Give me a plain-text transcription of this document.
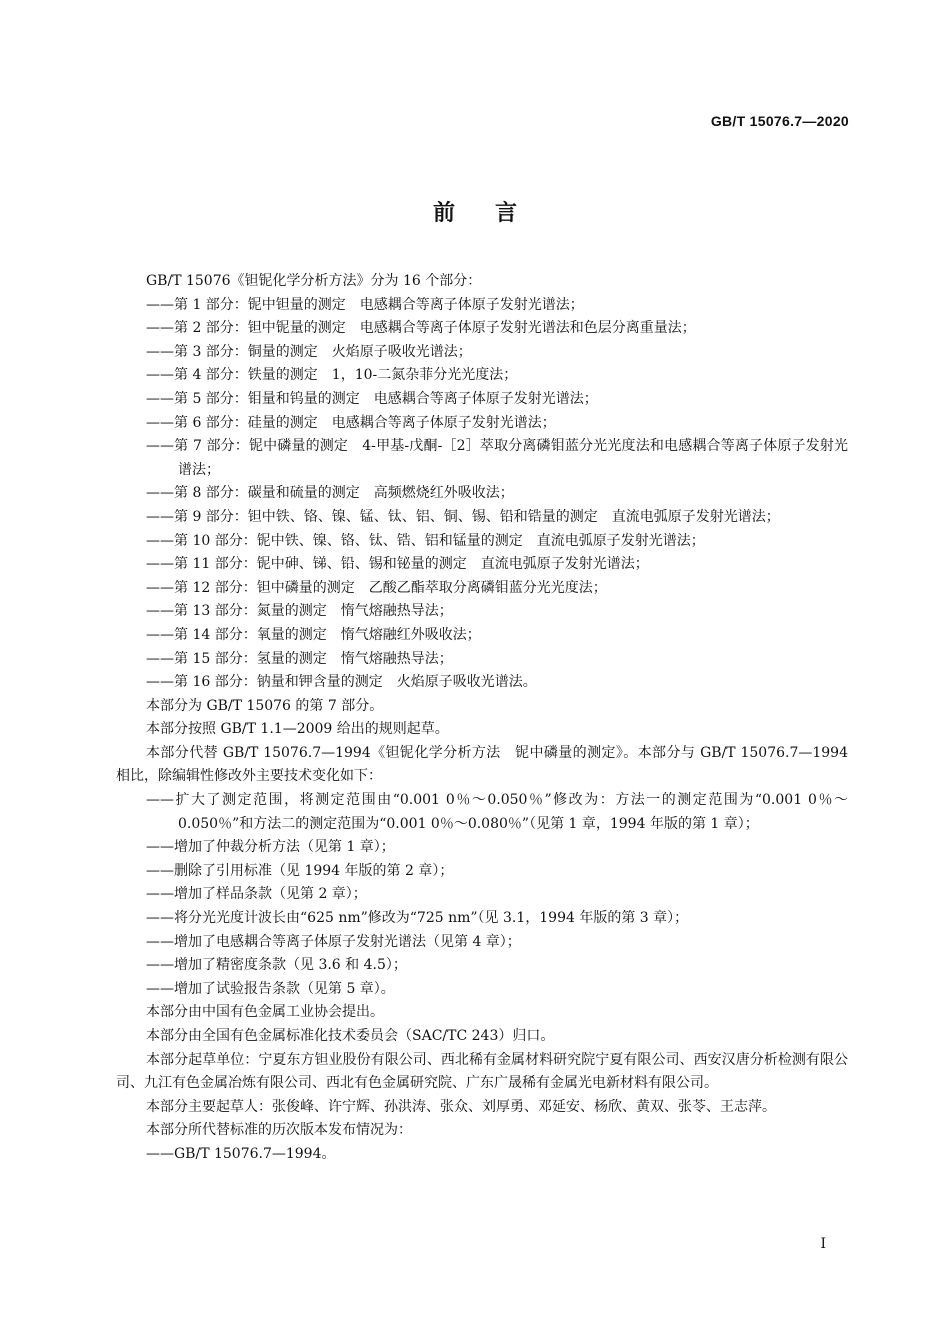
GB/T 15076.7—2020
前言

GB/T 15076《钽铌化学分析方法》分为 16 个部分：

——第 1 部分：铌中钽量的测定　电感耦合等离子体原子发射光谱法；

——第 2 部分：钽中铌量的测定　电感耦合等离子体原子发射光谱法和色层分离重量法；

——第 3 部分：铜量的测定　火焰原子吸收光谱法；

——第 4 部分：铁量的测定　1，10-二氮杂菲分光光度法；

——第 5 部分：钼量和钨量的测定　电感耦合等离子体原子发射光谱法；

——第 6 部分：硅量的测定　电感耦合等离子体原子发射光谱法；

——第 7 部分：铌中磷量的测定　4-甲基-戊酮-［2］萃取分离磷钼蓝分光光度法和电感耦合等离子体原子发射光谱法；

——第 8 部分：碳量和硫量的测定　高频燃烧红外吸收法；

——第 9 部分：钽中铁、铬、镍、锰、钛、铝、铜、锡、铅和锆量的测定　直流电弧原子发射光谱法；

——第 10 部分：铌中铁、镍、铬、钛、锆、铝和锰量的测定　直流电弧原子发射光谱法；

——第 11 部分：铌中砷、锑、铅、锡和铋量的测定　直流电弧原子发射光谱法；

——第 12 部分：钽中磷量的测定　乙酸乙酯萃取分离磷钼蓝分光光度法；

——第 13 部分：氮量的测定　惰气熔融热导法；

——第 14 部分：氧量的测定　惰气熔融红外吸收法；

——第 15 部分：氢量的测定　惰气熔融热导法；

——第 16 部分：钠量和钾含量的测定　火焰原子吸收光谱法。

本部分为 GB/T 15076 的第 7 部分。

本部分按照 GB/T 1.1—2009 给出的规则起草。

本部分代替 GB/T 15076.7—1994《钽铌化学分析方法　铌中磷量的测定》。本部分与 GB/T 15076.7—1994 相比，除编辑性修改外主要技术变化如下：

——扩大了测定范围，将测定范围由“0.001 0％～0.050％”修改为：方法一的测定范围为“0.001 0％～0.050％”和方法二的测定范围为“0.001 0％～0.080％”（见第 1 章，1994 年版的第 1 章）；

——增加了仲裁分析方法（见第 1 章）；

——删除了引用标准（见 1994 年版的第 2 章）；

——增加了样品条款（见第 2 章）；

——将分光光度计波长由“625 nm”修改为“725 nm”（见 3.1，1994 年版的第 3 章）；

——增加了电感耦合等离子体原子发射光谱法（见第 4 章）；

——增加了精密度条款（见 3.6 和 4.5）；

——增加了试验报告条款（见第 5 章）。

本部分由中国有色金属工业协会提出。

本部分由全国有色金属标准化技术委员会（SAC/TC 243）归口。

本部分起草单位：宁夏东方钽业股份有限公司、西北稀有金属材料研究院宁夏有限公司、西安汉唐分析检测有限公司、九江有色金属冶炼有限公司、西北有色金属研究院、广东广晟稀有金属光电新材料有限公司。

本部分主要起草人：张俊峰、许宁辉、孙洪涛、张众、刘厚勇、邓延安、杨欣、黄双、张苓、王志萍。

本部分所代替标准的历次版本发布情况为：

——GB/T 15076.7—1994。

I
